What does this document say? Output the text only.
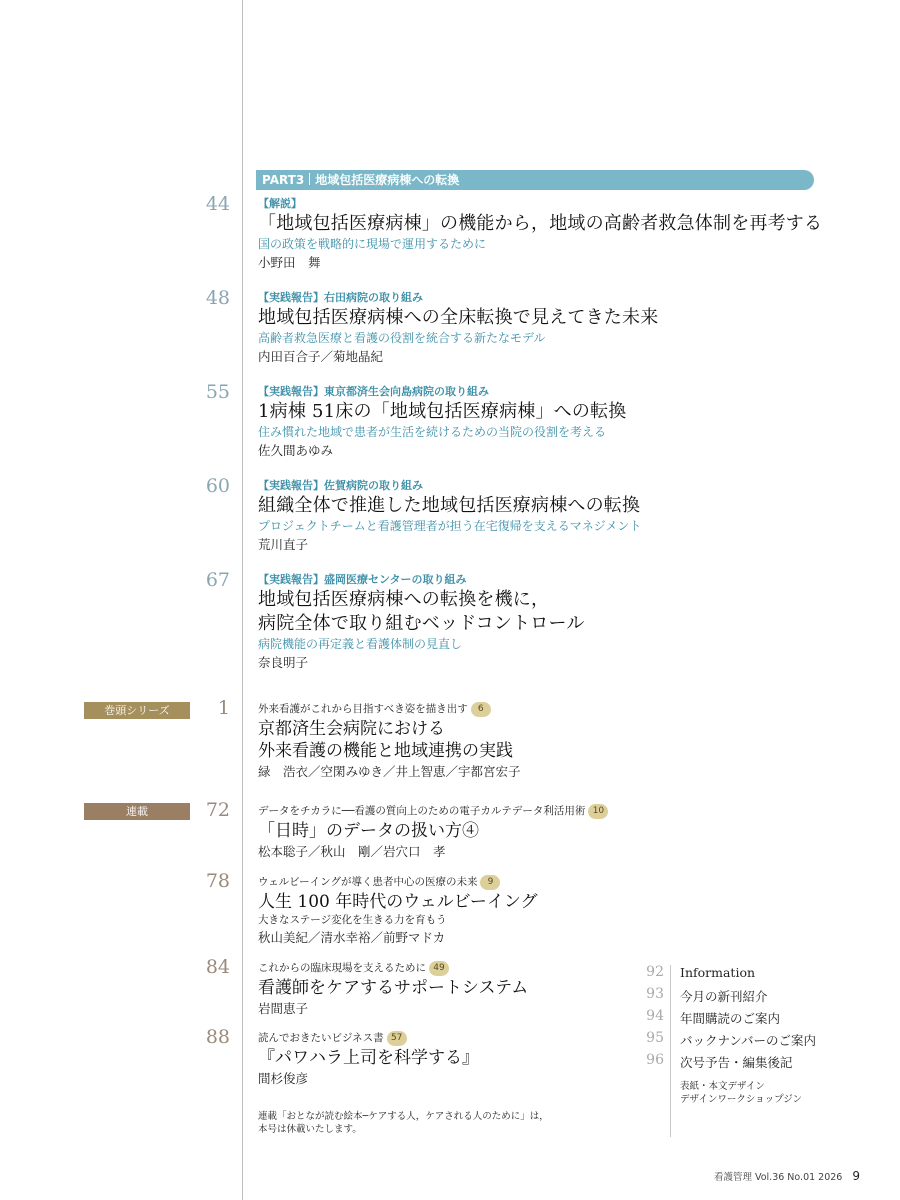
PART3 地域包括医療病棟への転換
44	【解説】
「地域包括医療病棟」の機能から，地域の高齢者救急体制を再考する
国の政策を戦略的に現場で運用するために
小野田　舞
48	【実践報告】右田病院の取り組み
地域包括医療病棟への全床転換で見えてきた未来
高齢者救急医療と看護の役割を統合する新たなモデル
内田百合子／菊地晶紀
55	【実践報告】東京都済生会向島病院の取り組み
1病棟 51床の「地域包括医療病棟」への転換
住み慣れた地域で患者が生活を続けるための当院の役割を考える
佐久間あゆみ
60	【実践報告】佐賀病院の取り組み
組織全体で推進した地域包括医療病棟への転換
プロジェクトチームと看護管理者が担う在宅復帰を支えるマネジメント
荒川直子
67	【実践報告】盛岡医療センターの取り組み
地域包括医療病棟への転換を機に，
病院全体で取り組むベッドコントロール
病院機能の再定義と看護体制の見直し
奈良明子
巻頭シリーズ	1	外来看護がこれから目指すべき姿を描き出す 6
京都済生会病院における
外来看護の機能と地域連携の実践
緑　浩衣／空閑みゆき／井上智恵／宇都宮宏子
連載	72	データをチカラに──看護の質向上のための電子カルテデータ利活用術 10
「日時」のデータの扱い方④
松本聡子／秋山　剛／岩穴口　孝
78	ウェルビーイングが導く患者中心の医療の未来 9
人生 100 年時代のウェルビーイング
大きなステージ変化を生きる力を育もう
秋山美紀／清水幸裕／前野マドカ
84	これからの臨床現場を支えるために 49
看護師をケアするサポートシステム
岩間恵子
88	読んでおきたいビジネス書 57
『パワハラ上司を科学する』
間杉俊彦
92 Information
93 今月の新刊紹介
94 年間購読のご案内
95 バックナンバーのご案内
96 次号予告・編集後記
表紙・本文デザイン
デザインワークショップジン
連載「おとなが読む絵本─ケアする人，ケアされる人のために」は，
本号は休載いたします。
看護管理 Vol.36 No.01 2026 9
